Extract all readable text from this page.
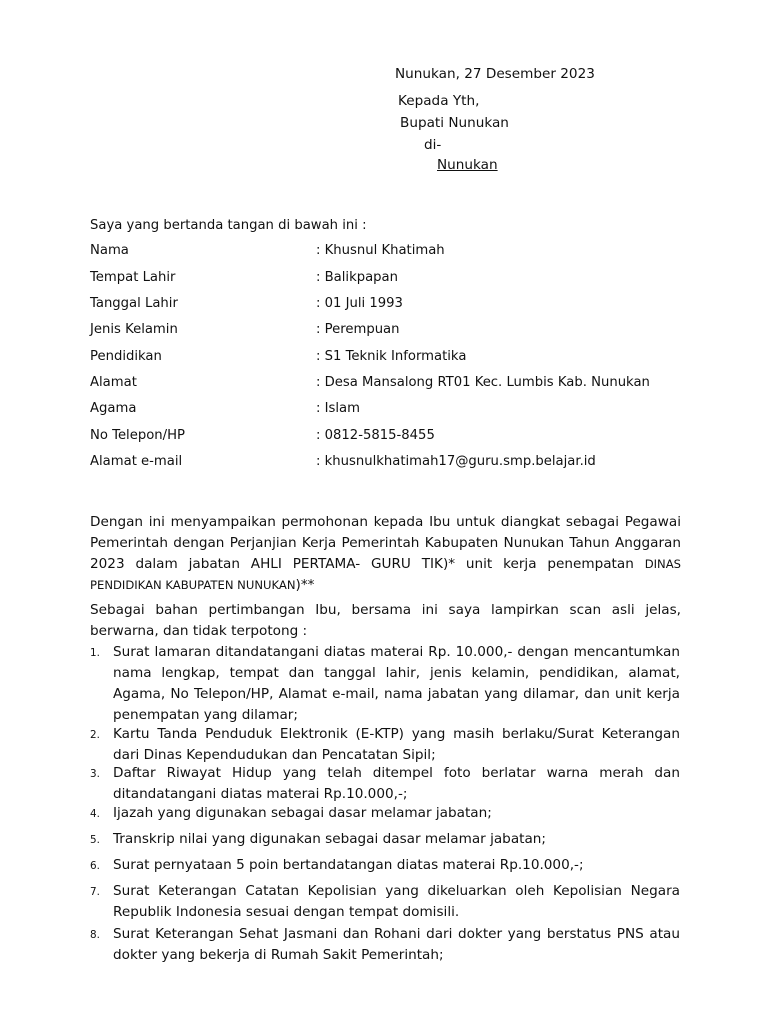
Nunukan, 27 Desember 2023
Kepada Yth,
Bupati Nunukan
di-
Nunukan
Saya yang bertanda tangan di bawah ini :
Nama	: Khusnul Khatimah
Tempat Lahir	: Balikpapan
Tanggal Lahir	: 01 Juli 1993
Jenis Kelamin	: Perempuan
Pendidikan	: S1 Teknik Informatika
Alamat	: Desa Mansalong RT01 Kec. Lumbis Kab. Nunukan
Agama	: Islam
No Telepon/HP	: 0812-5815-8455
Alamat e-mail	: khusnulkhatimah17@guru.smp.belajar.id
Dengan ini menyampaikan permohonan kepada Ibu untuk diangkat sebagai Pegawai Pemerintah dengan Perjanjian Kerja Pemerintah Kabupaten Nunukan Tahun Anggaran 2023 dalam jabatan AHLI PERTAMA- GURU TIK)* unit kerja penempatan DINAS PENDIDIKAN KABUPATEN NUNUKAN)**
Sebagai bahan pertimbangan Ibu, bersama ini saya lampirkan scan asli jelas, berwarna, dan tidak terpotong :
1. Surat lamaran ditandatangani diatas materai Rp. 10.000,- dengan mencantumkan nama lengkap, tempat dan tanggal lahir, jenis kelamin, pendidikan, alamat, Agama, No Telepon/HP, Alamat e-mail, nama jabatan yang dilamar, dan unit kerja penempatan yang dilamar;
2. Kartu Tanda Penduduk Elektronik (E-KTP) yang masih berlaku/Surat Keterangan dari Dinas Kependudukan dan Pencatatan Sipil;
3. Daftar Riwayat Hidup yang telah ditempel foto berlatar warna merah dan ditandatangani diatas materai Rp.10.000,-;
4. Ijazah yang digunakan sebagai dasar melamar jabatan;
5. Transkrip nilai yang digunakan sebagai dasar melamar jabatan;
6. Surat pernyataan 5 poin bertandatangan diatas materai Rp.10.000,-;
7. Surat Keterangan Catatan Kepolisian yang dikeluarkan oleh Kepolisian Negara Republik Indonesia sesuai dengan tempat domisili.
8. Surat Keterangan Sehat Jasmani dan Rohani dari dokter yang berstatus PNS atau dokter yang bekerja di Rumah Sakit Pemerintah;
